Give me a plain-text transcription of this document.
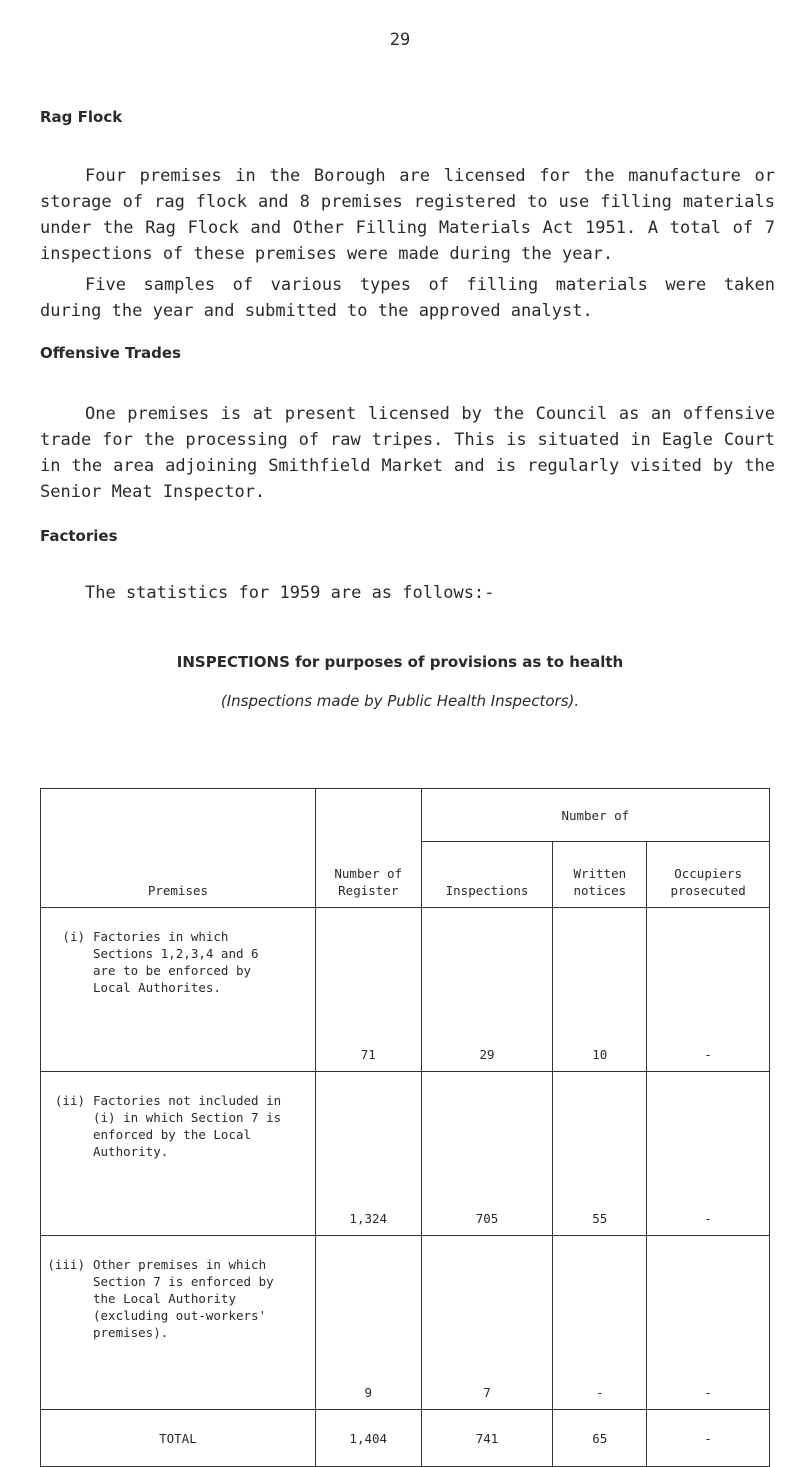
29
Rag Flock
Four premises in the Borough are licensed for the manufacture or storage of rag flock and 8 premises registered to use filling materials under the Rag Flock and Other Filling Materials Act 1951. A total of 7 inspections of these premises were made during the year.
Five samples of various types of filling materials were taken during the year and submitted to the approved analyst.
Offensive Trades
One premises is at present licensed by the Council as an offensive trade for the processing of raw tripes. This is situated in Eagle Court in the area adjoining Smithfield Market and is regularly visited by the Senior Meat Inspector.
Factories
The statistics for 1959 are as follows:-
INSPECTIONS for purposes of provisions as to health
(Inspections made by Public Health Inspectors).
Premises	Number of Register	Number of		
		Inspections	Written notices	Occupiers prosecuted

(i) Factories in which Sections 1,2,3,4 and 6 are to be enforced by Local Authorites.	71	29	10	-

(ii) Factories not included in (i) in which Section 7 is enforced by the Local Authority.	1,324	705	55	-

(iii) Other premises in which Section 7 is enforced by the Local Authority (excluding out-workers' premises).	9	7	-	-
TOTAL	1,404	741	65	-
